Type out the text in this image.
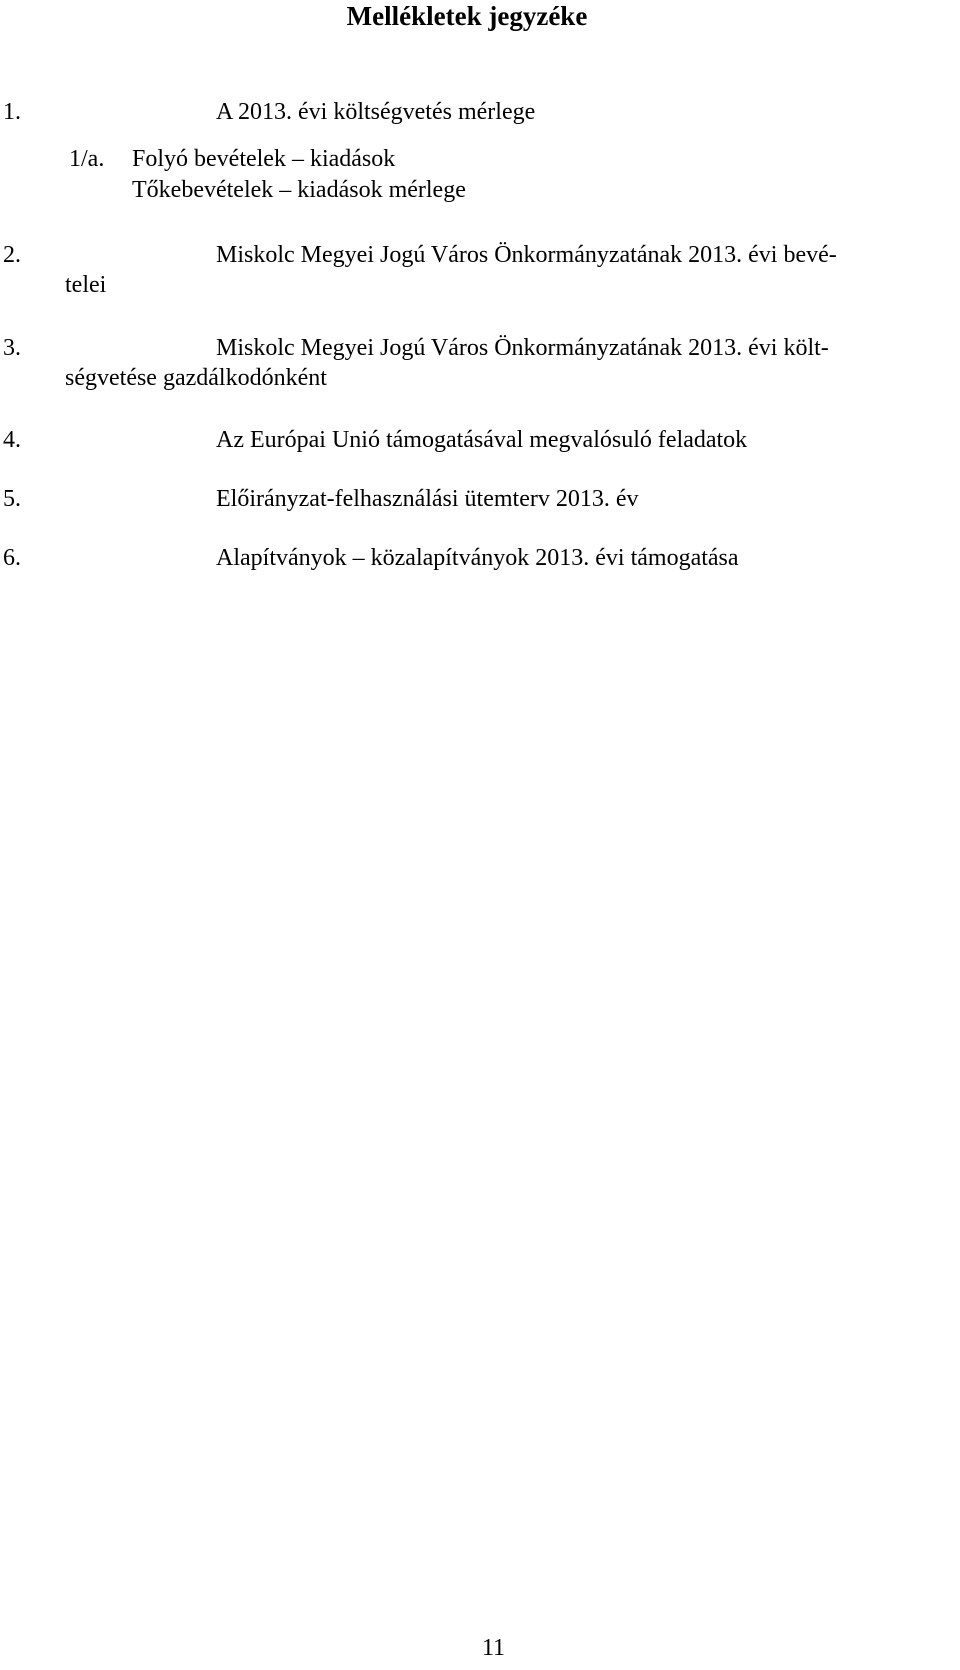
Mellékletek jegyzéke
1.	A 2013. évi költségvetés mérlege
1/a. Folyó bevételek – kiadások
Tőkebevételek – kiadások mérlege
2.	Miskolc Megyei Jogú Város Önkormányzatának 2013. évi bevé-
telei
3.	Miskolc Megyei Jogú Város Önkormányzatának 2013. évi költ-
ségvetése gazdálkodónként
4.	Az Európai Unió támogatásával megvalósuló feladatok
5.	Előirányzat-felhasználási ütemterv 2013. év
6.	Alapítványok – közalapítványok 2013. évi támogatása
11
